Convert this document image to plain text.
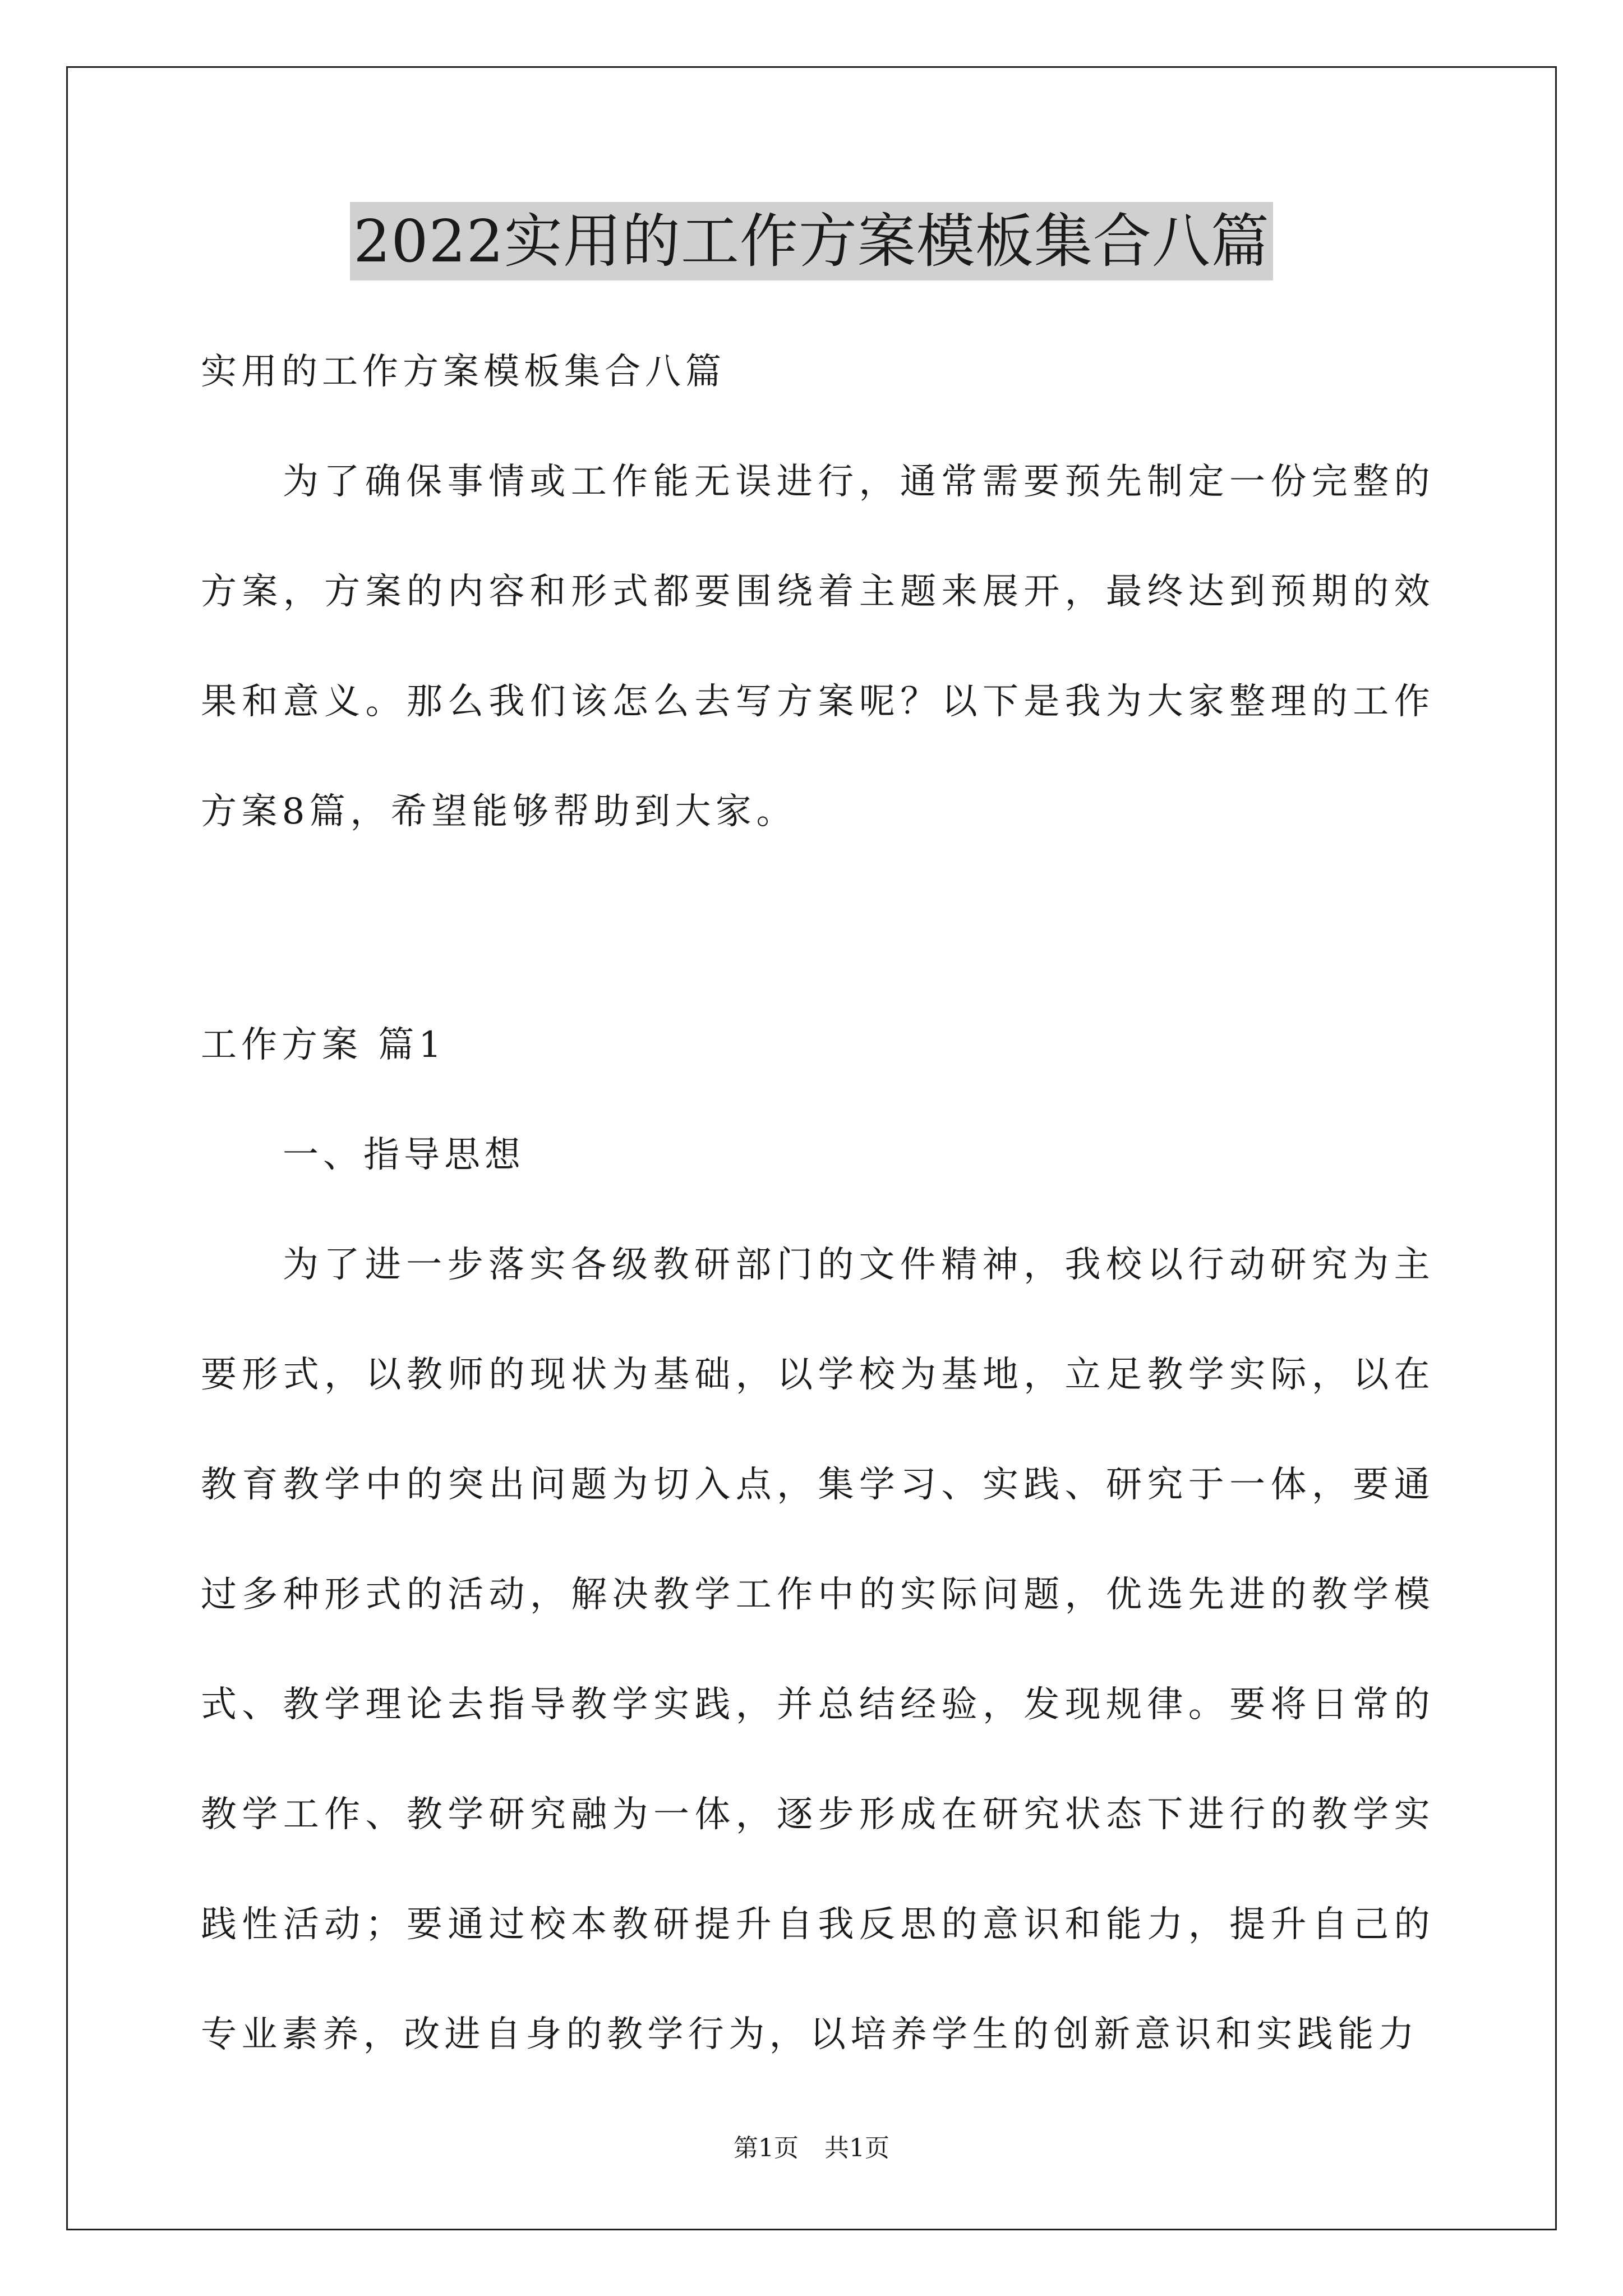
2022实用的工作方案模板集合八篇
实用的工作方案模板集合八篇

为了确保事情或工作能无误进行，通常需要预先制定一份完整的方案，方案的内容和形式都要围绕着主题来展开，最终达到预期的效果和意义。那么我们该怎么去写方案呢？以下是我为大家整理的工作方案8篇，希望能够帮助到大家。

工作方案 篇1
一、指导思想

为了进一步落实各级教研部门的文件精神，我校以行动研究为主要形式，以教师的现状为基础，以学校为基地，立足教学实际，以在教育教学中的突出问题为切入点，集学习、实践、研究于一体，要通过多种形式的活动，解决教学工作中的实际问题，优选先进的教学模式、教学理论去指导教学实践，并总结经验，发现规律。要将日常的教学工作、教学研究融为一体，逐步形成在研究状态下进行的教学实践性活动；要通过校本教研提升自我反思的意识和能力，提升自己的专业素养，改进自身的教学行为，以培养学生的创新意识和实践能力

第1页 共1页
